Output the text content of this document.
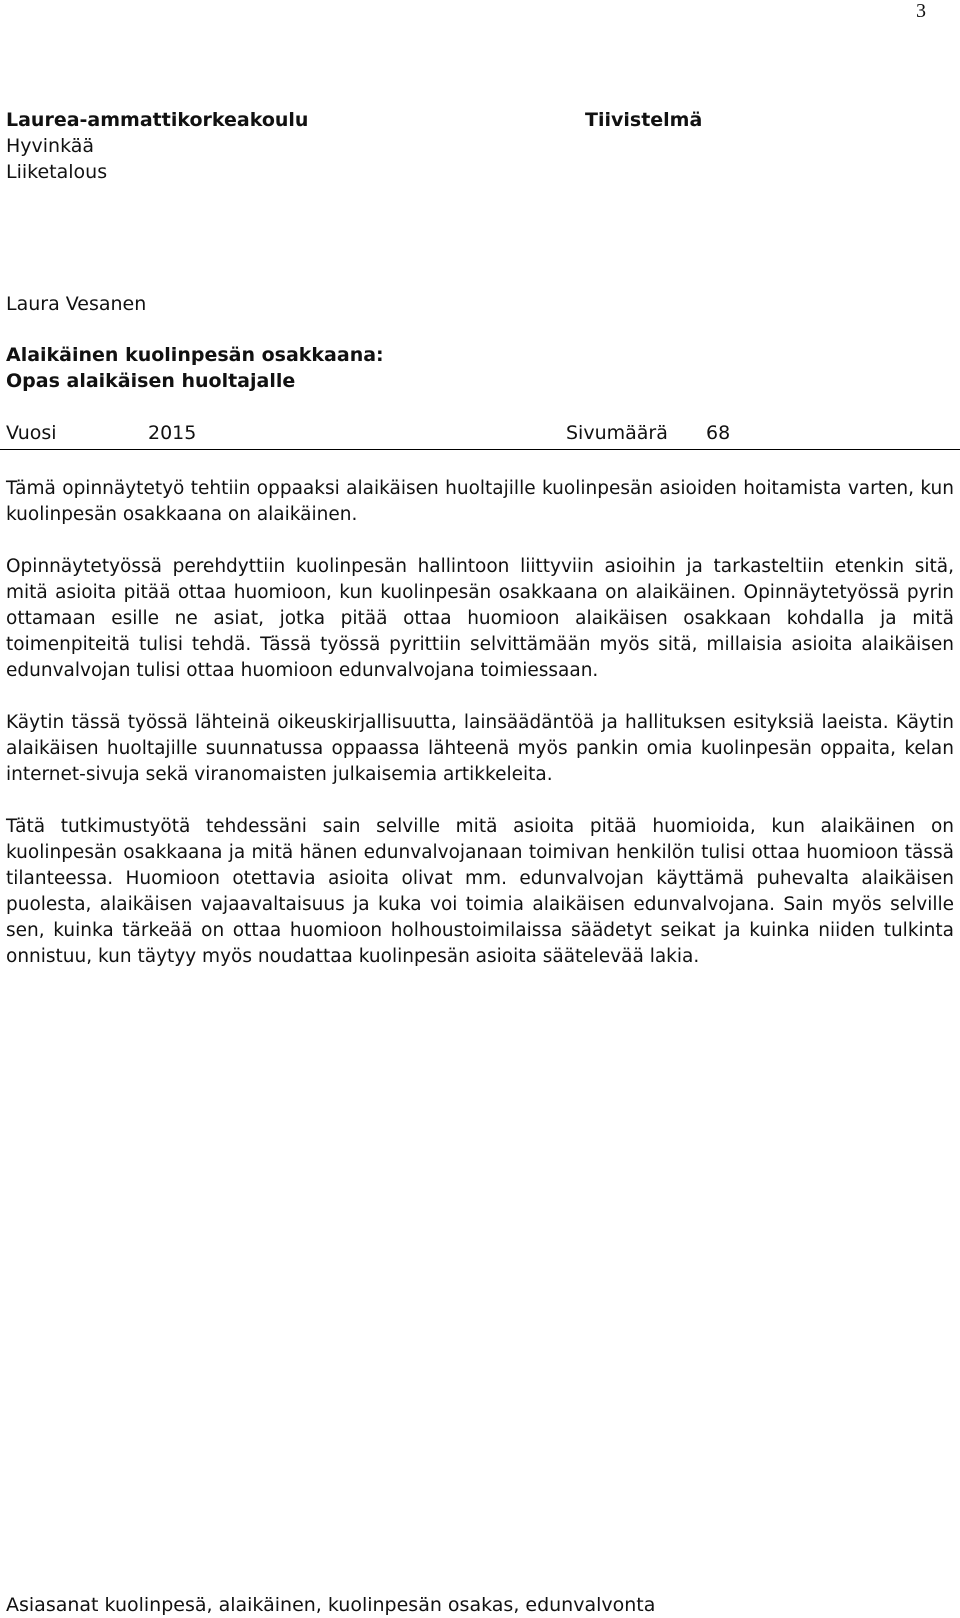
3
Laurea-ammattikorkeakoulu
Hyvinkää
Liiketalous
Tiivistelmä
Laura Vesanen
Alaikäinen kuolinpesän osakkaana:
Opas alaikäisen huoltajalle
Vuosi	2015	Sivumäärä 68

Tämä opinnäytetyö tehtiin oppaaksi alaikäisen huoltajille kuolinpesän asioiden hoitamista varten, kun kuolinpesän osakkaana on alaikäinen.

Opinnäytetyössä perehdyttiin kuolinpesän hallintoon liittyviin asioihin ja tarkasteltiin etenkin sitä, mitä asioita pitää ottaa huomioon, kun kuolinpesän osakkaana on alaikäinen. Opinnäytetyössä pyrin ottamaan esille ne asiat, jotka pitää ottaa huomioon alaikäisen osakkaan kohdalla ja mitä toimenpiteitä tulisi tehdä. Tässä työssä pyrittiin selvittämään myös sitä, millaisia asioita alaikäisen edunvalvojan tulisi ottaa huomioon edunvalvojana toimiessaan.

Käytin tässä työssä lähteinä oikeuskirjallisuutta, lainsäädäntöä ja hallituksen esityksiä laeista. Käytin alaikäisen huoltajille suunnatussa oppaassa lähteenä myös pankin omia kuolinpesän oppaita, kelan internet-sivuja sekä viranomaisten julkaisemia artikkeleita.

Tätä tutkimustyötä tehdessäni sain selville mitä asioita pitää huomioida, kun alaikäinen on kuolinpesän osakkaana ja mitä hänen edunvalvojanaan toimivan henkilön tulisi ottaa huomioon tässä tilanteessa. Huomioon otettavia asioita olivat mm. edunvalvojan käyttämä puhevalta alaikäisen puolesta, alaikäisen vajaavaltaisuus ja kuka voi toimia alaikäisen edunvalvojana. Sain myös selville sen, kuinka tärkeää on ottaa huomioon holhoustoimilaissa säädetyt seikat ja kuinka niiden tulkinta onnistuu, kun täytyy myös noudattaa kuolinpesän asioita säätelevää lakia.

Asiasanat kuolinpesä, alaikäinen, kuolinpesän osakas, edunvalvonta
